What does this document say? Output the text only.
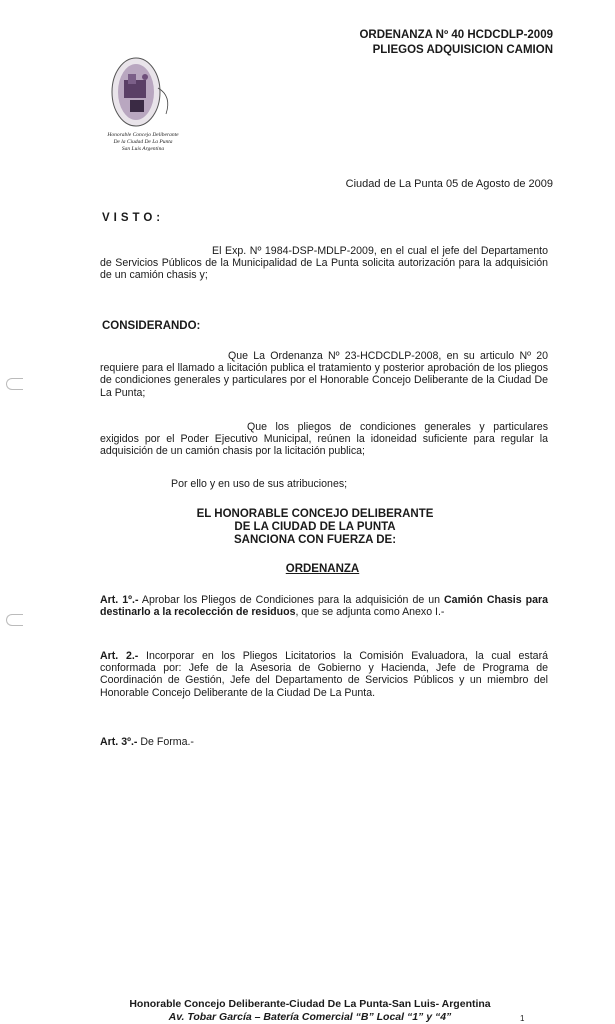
ORDENANZA Nº 40 HCDCDLP-2009
PLIEGOS ADQUISICION CAMION
Honorable Concejo Deliberante
De la Ciudad De La Punta
San Luis Argentina
Ciudad de La Punta 05 de Agosto de 2009
VISTO:
El Exp. Nº 1984-DSP-MDLP-2009, en el cual el jefe del Departamento de Servicios Públicos de la Municipalidad de La Punta solicita autorización para la adquisición de un camión chasis y;
CONSIDERANDO:
Que La Ordenanza Nº 23-HCDCDLP-2008, en su articulo Nº 20 requiere para el llamado a licitación publica el tratamiento y posterior aprobación de los pliegos de condiciones generales y particulares por el Honorable Concejo Deliberante de la Ciudad De La Punta;
Que los pliegos de condiciones generales y particulares exigidos por el Poder Ejecutivo Municipal, reúnen la idoneidad suficiente para regular la adquisición de un camión chasis por la licitación publica;
Por ello y en uso de sus atribuciones;
EL HONORABLE CONCEJO DELIBERANTE
DE LA CIUDAD DE LA PUNTA
SANCIONA CON FUERZA DE:
ORDENANZA
Art. 1º.- Aprobar los Pliegos de Condiciones para la adquisición de un Camión Chasis para destinarlo a la recolección de residuos, que se adjunta como Anexo I.-
Art. 2.- Incorporar en los Pliegos Licitatorios la Comisión Evaluadora, la cual estará conformada por: Jefe de la Asesoria de Gobierno y Hacienda, Jefe de Programa de Coordinación de Gestión, Jefe del Departamento de Servicios Públicos y un miembro del Honorable Concejo Deliberante de la Ciudad De La Punta.
Art. 3º.- De Forma.-
Honorable Concejo Deliberante-Ciudad De La Punta-San Luis- Argentina
Av. Tobar García – Batería Comercial “B” Local “1” y “4”	1
